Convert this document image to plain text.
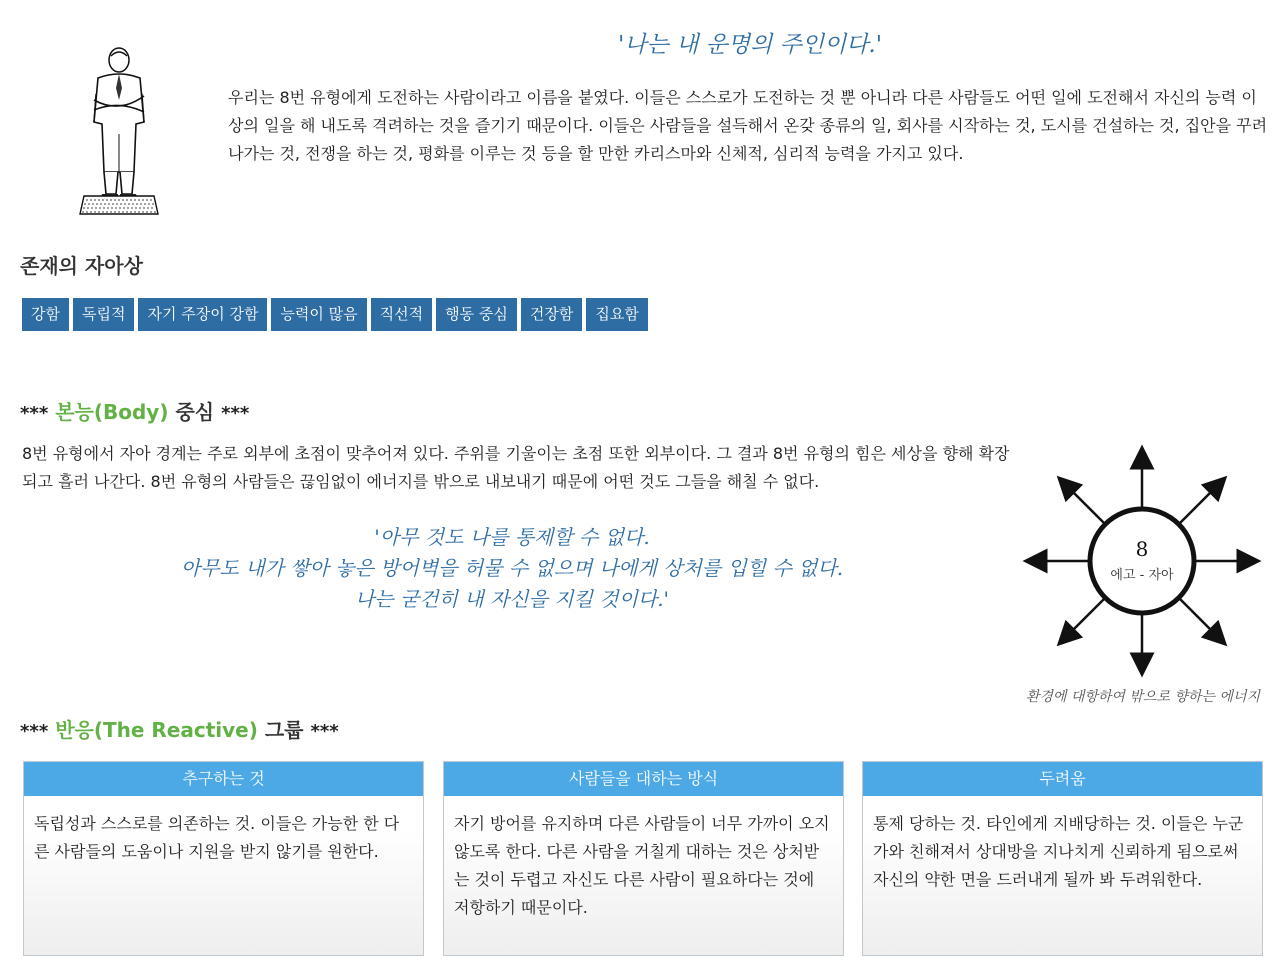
'나는 내 운명의 주인이다.'

우리는 8번 유형에게 도전하는 사람이라고 이름을 붙였다. 이들은 스스로가 도전하는 것 뿐 아니라 다른 사람들도 어떤 일에 도전해서 자신의 능력 이상의 일을 해 내도록 격려하는 것을 즐기기 때문이다. 이들은 사람들을 설득해서 온갖 종류의 일, 회사를 시작하는 것, 도시를 건설하는 것, 집안을 꾸려 나가는 것, 전쟁을 하는 것, 평화를 이루는 것 등을 할 만한 카리스마와 신체적, 심리적 능력을 가지고 있다.

존재의 자아상
강함	독립적	자기 주장이 강함	능력이 많음	직선적	행동 중심	건장함	집요함
*** 본능(Body) 중심 ***

8번 유형에서 자아 경계는 주로 외부에 초점이 맞추어져 있다. 주위를 기울이는 초점 또한 외부이다. 그 결과 8번 유형의 힘은 세상을 향해 확장되고 흘러 나간다. 8번 유형의 사람들은 끊임없이 에너지를 밖으로 내보내기 때문에 어떤 것도 그들을 해칠 수 없다.

'아무 것도 나를 통제할 수 없다.
아무도 내가 쌓아 놓은 방어벽을 허물 수 없으며 나에게 상처를 입힐 수 없다.
나는 굳건히 내 자신을 지킬 것이다.'
8
에고 - 자아
환경에 대항하여 밖으로 향하는 에너지
*** 반응(The Reactive) 그룹 ***
추구하는 것
독립성과 스스로를 의존하는 것. 이들은 가능한 한 다른 사람들의 도움이나 지원을 받지 않기를 원한다.
사람들을 대하는 방식
자기 방어를 유지하며 다른 사람들이 너무 가까이 오지 않도록 한다. 다른 사람을 거칠게 대하는 것은 상처받는 것이 두렵고 자신도 다른 사람이 필요하다는 것에 저항하기 때문이다.
두려움
통제 당하는 것. 타인에게 지배당하는 것. 이들은 누군가와 친해져서 상대방을 지나치게 신뢰하게 됨으로써 자신의 약한 면을 드러내게 될까 봐 두려워한다.
